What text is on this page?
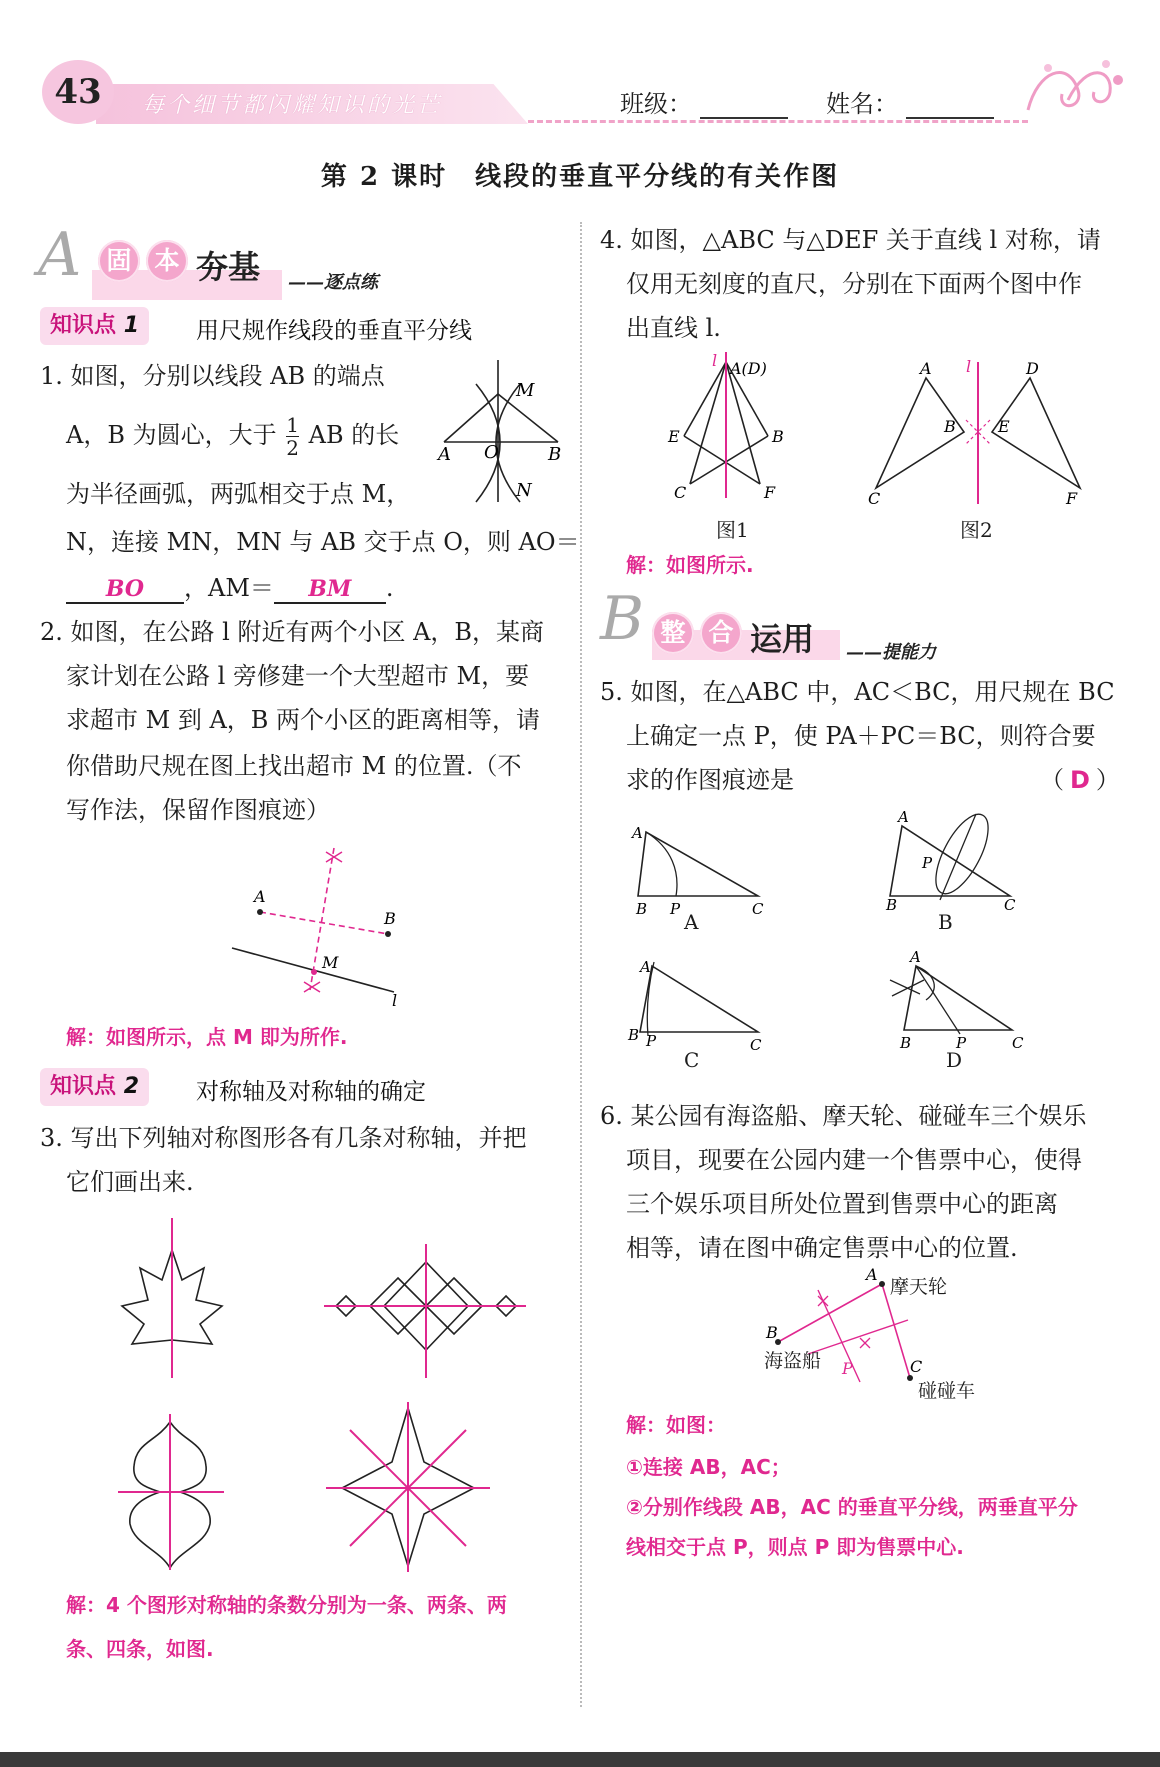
43	每个细节都闪耀知识的光芒	班级：	姓名：
第 2 课时　线段的垂直平分线的有关作图
A	固 本 夯基 ——逐点练
知识点 1	用尺规作线段的垂直平分线
1. 如图，分别以线段 AB 的端点
A，B 为圆心，大于 $\frac{1}{2}$ AB 的长
为半径画弧，两弧相交于点 M，
N，连接 MN，MN 与 AB 交于点 O，则 AO＝
BO ，AM＝ BM .
M
N
A	B
O
2. 如图，在公路 l 附近有两个小区 A，B，某商
家计划在公路 l 旁修建一个大型超市 M，要
求超市 M 到 A，B 两个小区的距离相等，请
你借助尺规在图上找出超市 M 的位置.（不
写作法，保留作图痕迹）
A
B
M
l
解：如图所示，点 M 即为所作.
知识点 2	对称轴及对称轴的确定
3. 写出下列轴对称图形各有几条对称轴，并把
它们画出来.
解：4 个图形对称轴的条数分别为一条、两条、两
条、四条，如图.
4. 如图，△ABC 与△DEF 关于直线 l 对称，请
仅用无刻度的直尺，分别在下面两个图中作
出直线 l.
l A(D)
E	B
C	F
图1
A	D
l
B	E
C	F
图2
解：如图所示.
B 整 合 运用 ——提能力
5. 如图，在△ABC 中，AC＜BC，用尺规在 BC
上确定一点 P，使 PA＋PC＝BC，则符合要
求的作图痕迹是	（ D ）
A
B P	C
A
A
B
P
C
B
A
B P	C
C
A
B	P	C
D
6. 某公园有海盗船、摩天轮、碰碰车三个娱乐
项目，现要在公园内建一个售票中心，使得
三个娱乐项目所处位置到售票中心的距离
相等，请在图中确定售票中心的位置.
A
B
C
P
摩天轮
海盗船
碰碰车
解：如图：
①连接 AB，AC；
②分别作线段 AB，AC 的垂直平分线，两垂直平分
线相交于点 P，则点 P 即为售票中心.
